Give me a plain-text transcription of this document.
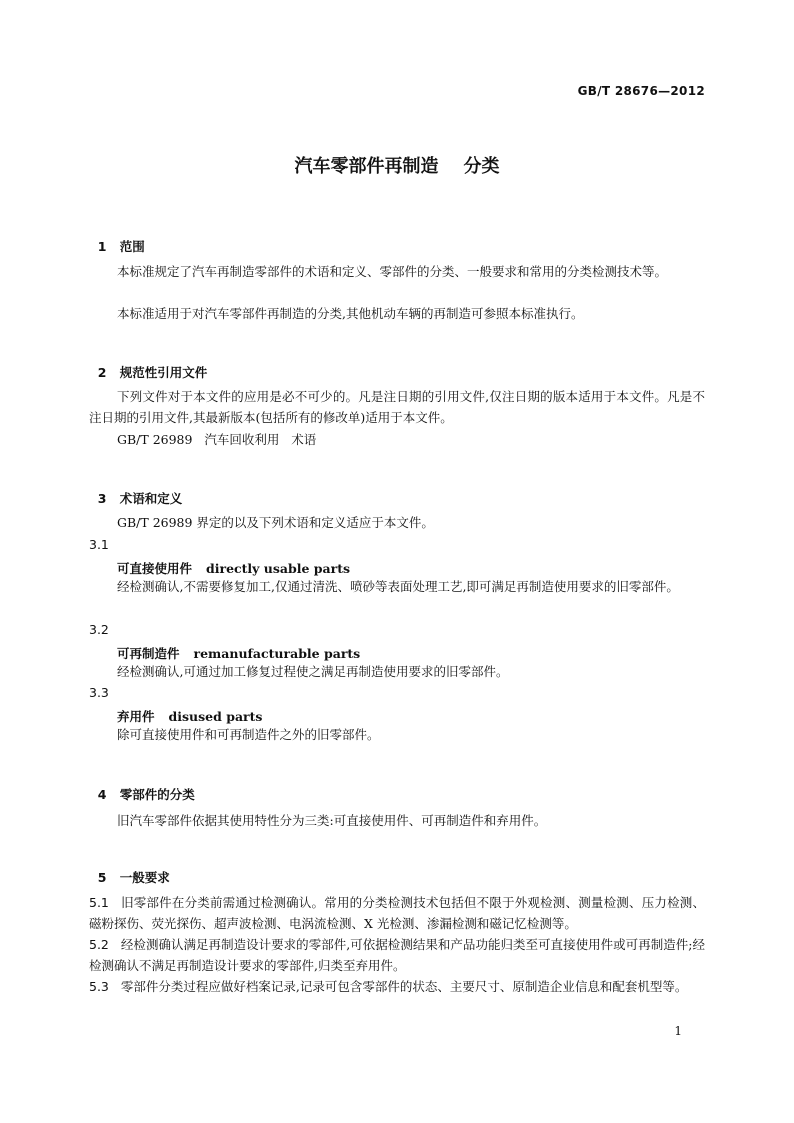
GB/T 28676—2012
汽车零部件再制造    分类

1 范围

本标准规定了汽车再制造零部件的术语和定义、零部件的分类、一般要求和常用的分类检测技术等。
本标准适用于对汽车零部件再制造的分类,其他机动车辆的再制造可参照本标准执行。

2 规范性引用文件

下列文件对于本文件的应用是必不可少的。凡是注日期的引用文件,仅注日期的版本适用于本文件。凡是不注日期的引用文件,其最新版本(包括所有的修改单)适用于本文件。
GB/T 26989   汽车回收利用   术语

3 术语和定义

GB/T 26989 界定的以及下列术语和定义适应于本文件。
3.1
可直接使用件 directly usable parts
经检测确认,不需要修复加工,仅通过清洗、喷砂等表面处理工艺,即可满足再制造使用要求的旧零部件。
3.2
可再制造件 remanufacturable parts
经检测确认,可通过加工修复过程使之满足再制造使用要求的旧零部件。
3.3
弃用件 disused parts
除可直接使用件和可再制造件之外的旧零部件。

4 零部件的分类

旧汽车零部件依据其使用特性分为三类:可直接使用件、可再制造件和弃用件。

5 一般要求

5.1 旧零部件在分类前需通过检测确认。常用的分类检测技术包括但不限于外观检测、测量检测、压力检测、磁粉探伤、荧光探伤、超声波检测、电涡流检测、X 光检测、渗漏检测和磁记忆检测等。
5.2 经检测确认满足再制造设计要求的零部件,可依据检测结果和产品功能归类至可直接使用件或可再制造件;经检测确认不满足再制造设计要求的零部件,归类至弃用件。
5.3 零部件分类过程应做好档案记录,记录可包含零部件的状态、主要尺寸、原制造企业信息和配套机型等。
1
